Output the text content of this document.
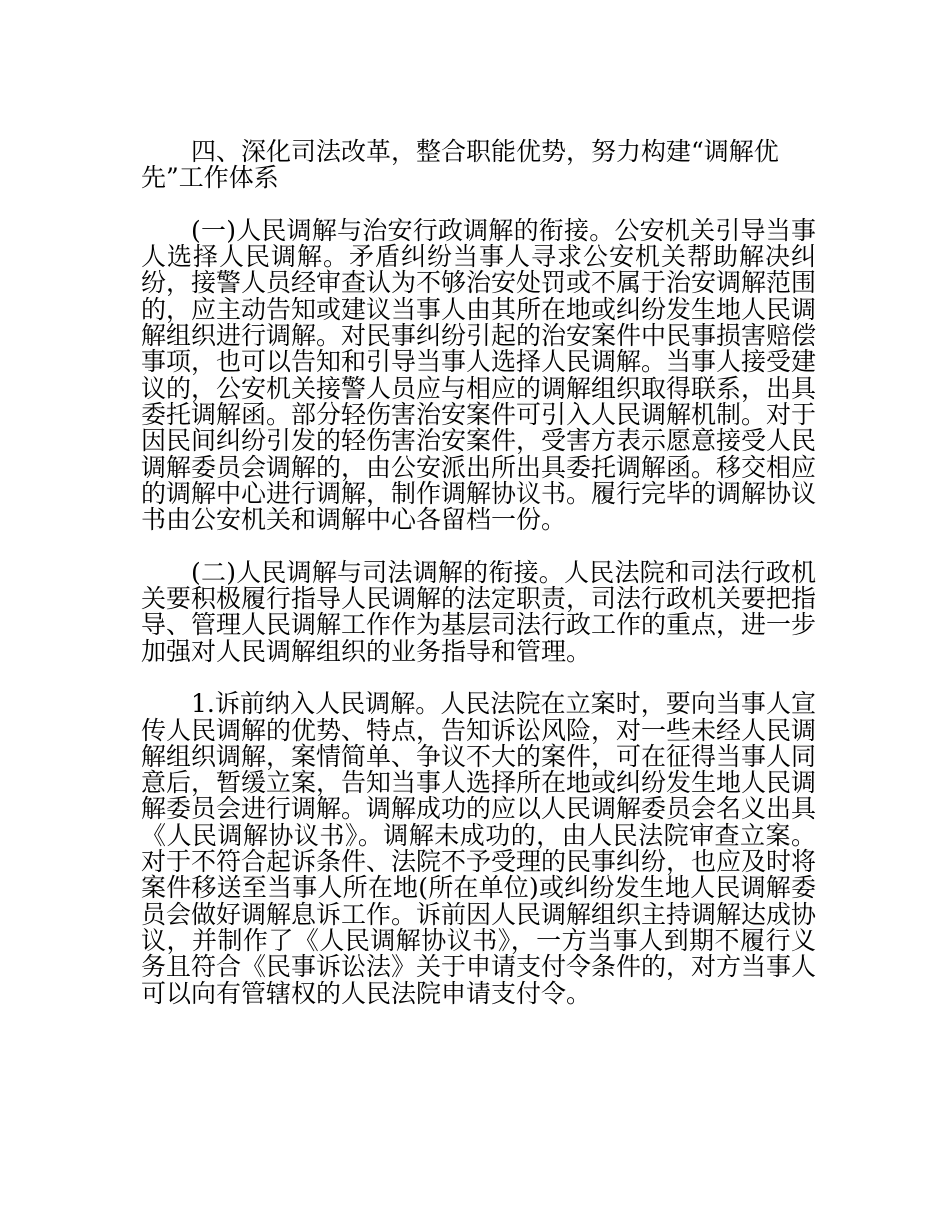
四、深化司法改革，整合职能优势，努力构建“调解优先”工作体系

(一)人民调解与治安行政调解的衔接。公安机关引导当事人选择人民调解。矛盾纠纷当事人寻求公安机关帮助解决纠纷，接警人员经审查认为不够治安处罚或不属于治安调解范围的，应主动告知或建议当事人由其所在地或纠纷发生地人民调解组织进行调解。对民事纠纷引起的治安案件中民事损害赔偿事项，也可以告知和引导当事人选择人民调解。当事人接受建议的，公安机关接警人员应与相应的调解组织取得联系，出具委托调解函。部分轻伤害治安案件可引入人民调解机制。对于因民间纠纷引发的轻伤害治安案件，受害方表示愿意接受人民调解委员会调解的，由公安派出所出具委托调解函。移交相应的调解中心进行调解，制作调解协议书。履行完毕的调解协议书由公安机关和调解中心各留档一份。

(二)人民调解与司法调解的衔接。人民法院和司法行政机关要积极履行指导人民调解的法定职责，司法行政机关要把指导、管理人民调解工作作为基层司法行政工作的重点，进一步加强对人民调解组织的业务指导和管理。

1.诉前纳入人民调解。人民法院在立案时，要向当事人宣传人民调解的优势、特点，告知诉讼风险，对一些未经人民调解组织调解，案情简单、争议不大的案件，可在征得当事人同意后，暂缓立案，告知当事人选择所在地或纠纷发生地人民调解委员会进行调解。调解成功的应以人民调解委员会名义出具《人民调解协议书》。调解未成功的，由人民法院审查立案。对于不符合起诉条件、法院不予受理的民事纠纷，也应及时将案件移送至当事人所在地(所在单位)或纠纷发生地人民调解委员会做好调解息诉工作。诉前因人民调解组织主持调解达成协议，并制作了《人民调解协议书》，一方当事人到期不履行义务且符合《民事诉讼法》关于申请支付令条件的，对方当事人可以向有管辖权的人民法院申请支付令。
